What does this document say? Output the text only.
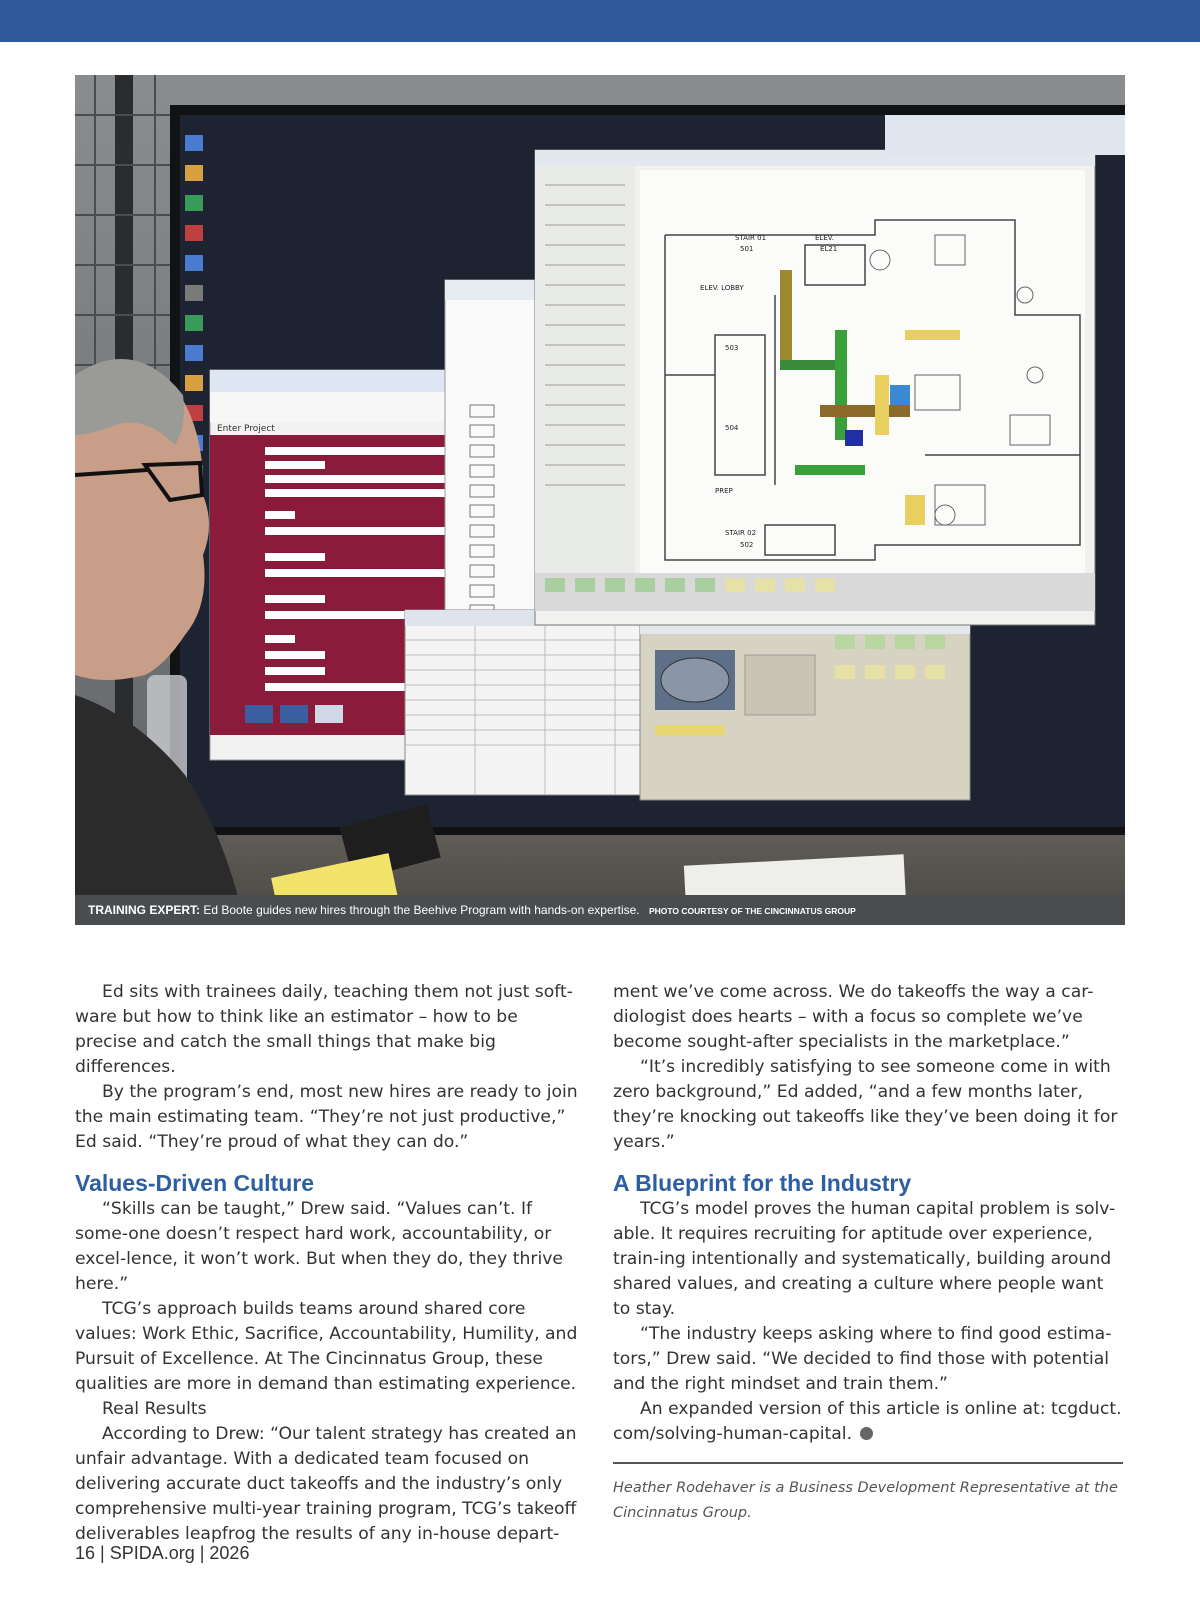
Enter Project
STAIR 01
STAIR 02
ELEV.
ELEV. LOBBY
PREP
501
502
503
504
EL21
TRAINING EXPERT: Ed Boote guides new hires through the Beehive Program with hands-on expertise. PHOTO COURTESY OF THE CINCINNATUS GROUP

Ed sits with trainees daily, teaching them not just soft-ware but how to think like an estimator – how to be precise and catch the small things that make big differences.

By the program’s end, most new hires are ready to join the main estimating team. “They’re not just productive,” Ed said. “They’re proud of what they can do.”

Values-Driven Culture

“Skills can be taught,” Drew said. “Values can’t. If some-one doesn’t respect hard work, accountability, or excel-lence, it won’t work. But when they do, they thrive here.”

TCG’s approach builds teams around shared core values: Work Ethic, Sacrifice, Accountability, Humility, and Pursuit of Excellence. At The Cincinnatus Group, these qualities are more in demand than estimating experience.

Real Results

According to Drew: “Our talent strategy has created an unfair advantage. With a dedicated team focused on delivering accurate duct takeoffs and the industry’s only comprehensive multi-year training program, TCG’s takeoff deliverables leapfrog the results of any in-house depart-

ment we’ve come across. We do takeoffs the way a car-diologist does hearts – with a focus so complete we’ve become sought-after specialists in the marketplace.”

“It’s incredibly satisfying to see someone come in with zero background,” Ed added, “and a few months later, they’re knocking out takeoffs like they’ve been doing it for years.”

A Blueprint for the Industry

TCG’s model proves the human capital problem is solv-able. It requires recruiting for aptitude over experience, train-ing intentionally and systematically, building around shared values, and creating a culture where people want to stay.

“The industry keeps asking where to find good estima-tors,” Drew said. “We decided to find those with potential and the right mindset and train them.”

An expanded version of this article is online at: tcgduct. com/solving-human-capital.

Heather Rodehaver is a Business Development Representative at the Cincinnatus Group.
16 | SPIDA.org | 2026
